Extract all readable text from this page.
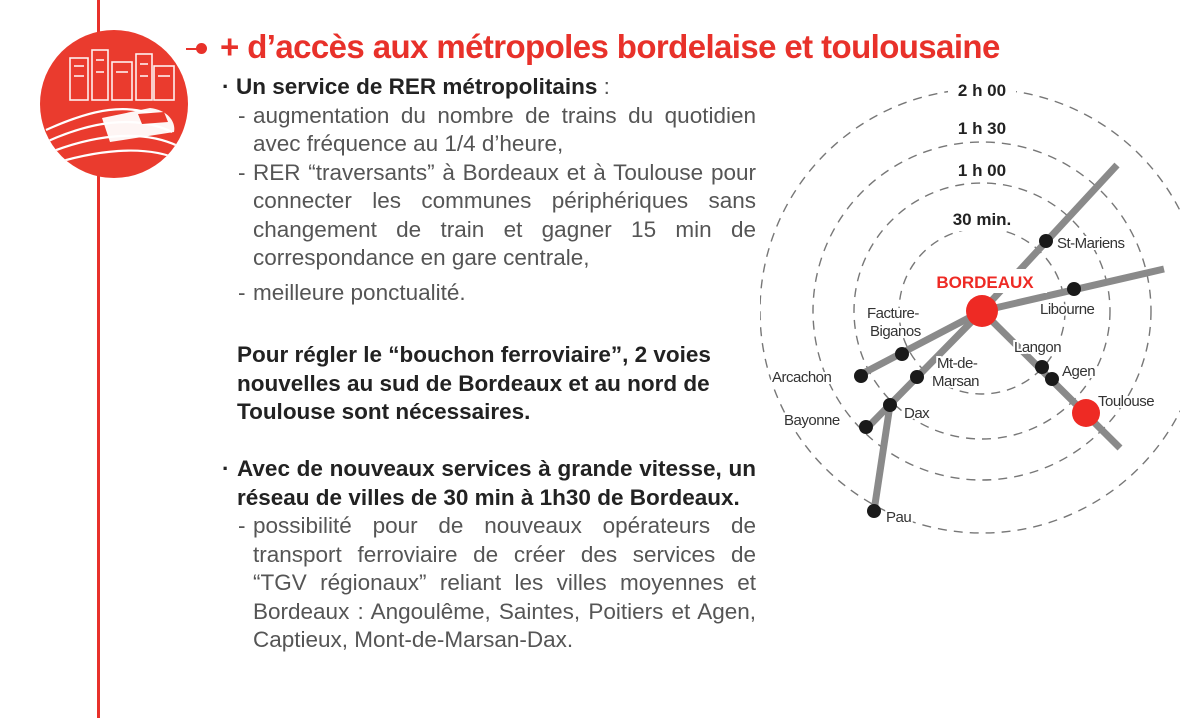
+ d’accès aux métropoles bordelaise et toulousaine
· Un service de RER métropolitains :
- augmentation du nombre de trains du quotidien avec fréquence au 1/4 d’heure,
- RER “traversants” à Bordeaux et à Toulouse pour connecter les communes périphériques sans changement de train et gagner 15 min de correspondance en gare centrale,
- meilleure ponctualité.
Pour régler le “bouchon ferroviaire”, 2 voies nouvelles au sud de Bordeaux et au nord de Toulouse sont nécessaires.
· Avec de nouveaux services à grande vitesse, un réseau de villes de 30 min à 1h30 de Bordeaux.
- possibilité pour de nouveaux opérateurs de transport ferroviaire de créer des services de “TGV régionaux” reliant les villes moyennes et Bordeaux : Angoulême, Saintes, Poitiers et Agen, Captieux, Mont-de-Marsan-Dax.
2 h 00
1 h 30
1 h 00
30 min.
BORDEAUX
St-Mariens
Libourne
Facture-
Biganos
Arcachon
Mt-de-
Marsan
Dax
Bayonne
Pau
Langon
Agen
Toulouse
